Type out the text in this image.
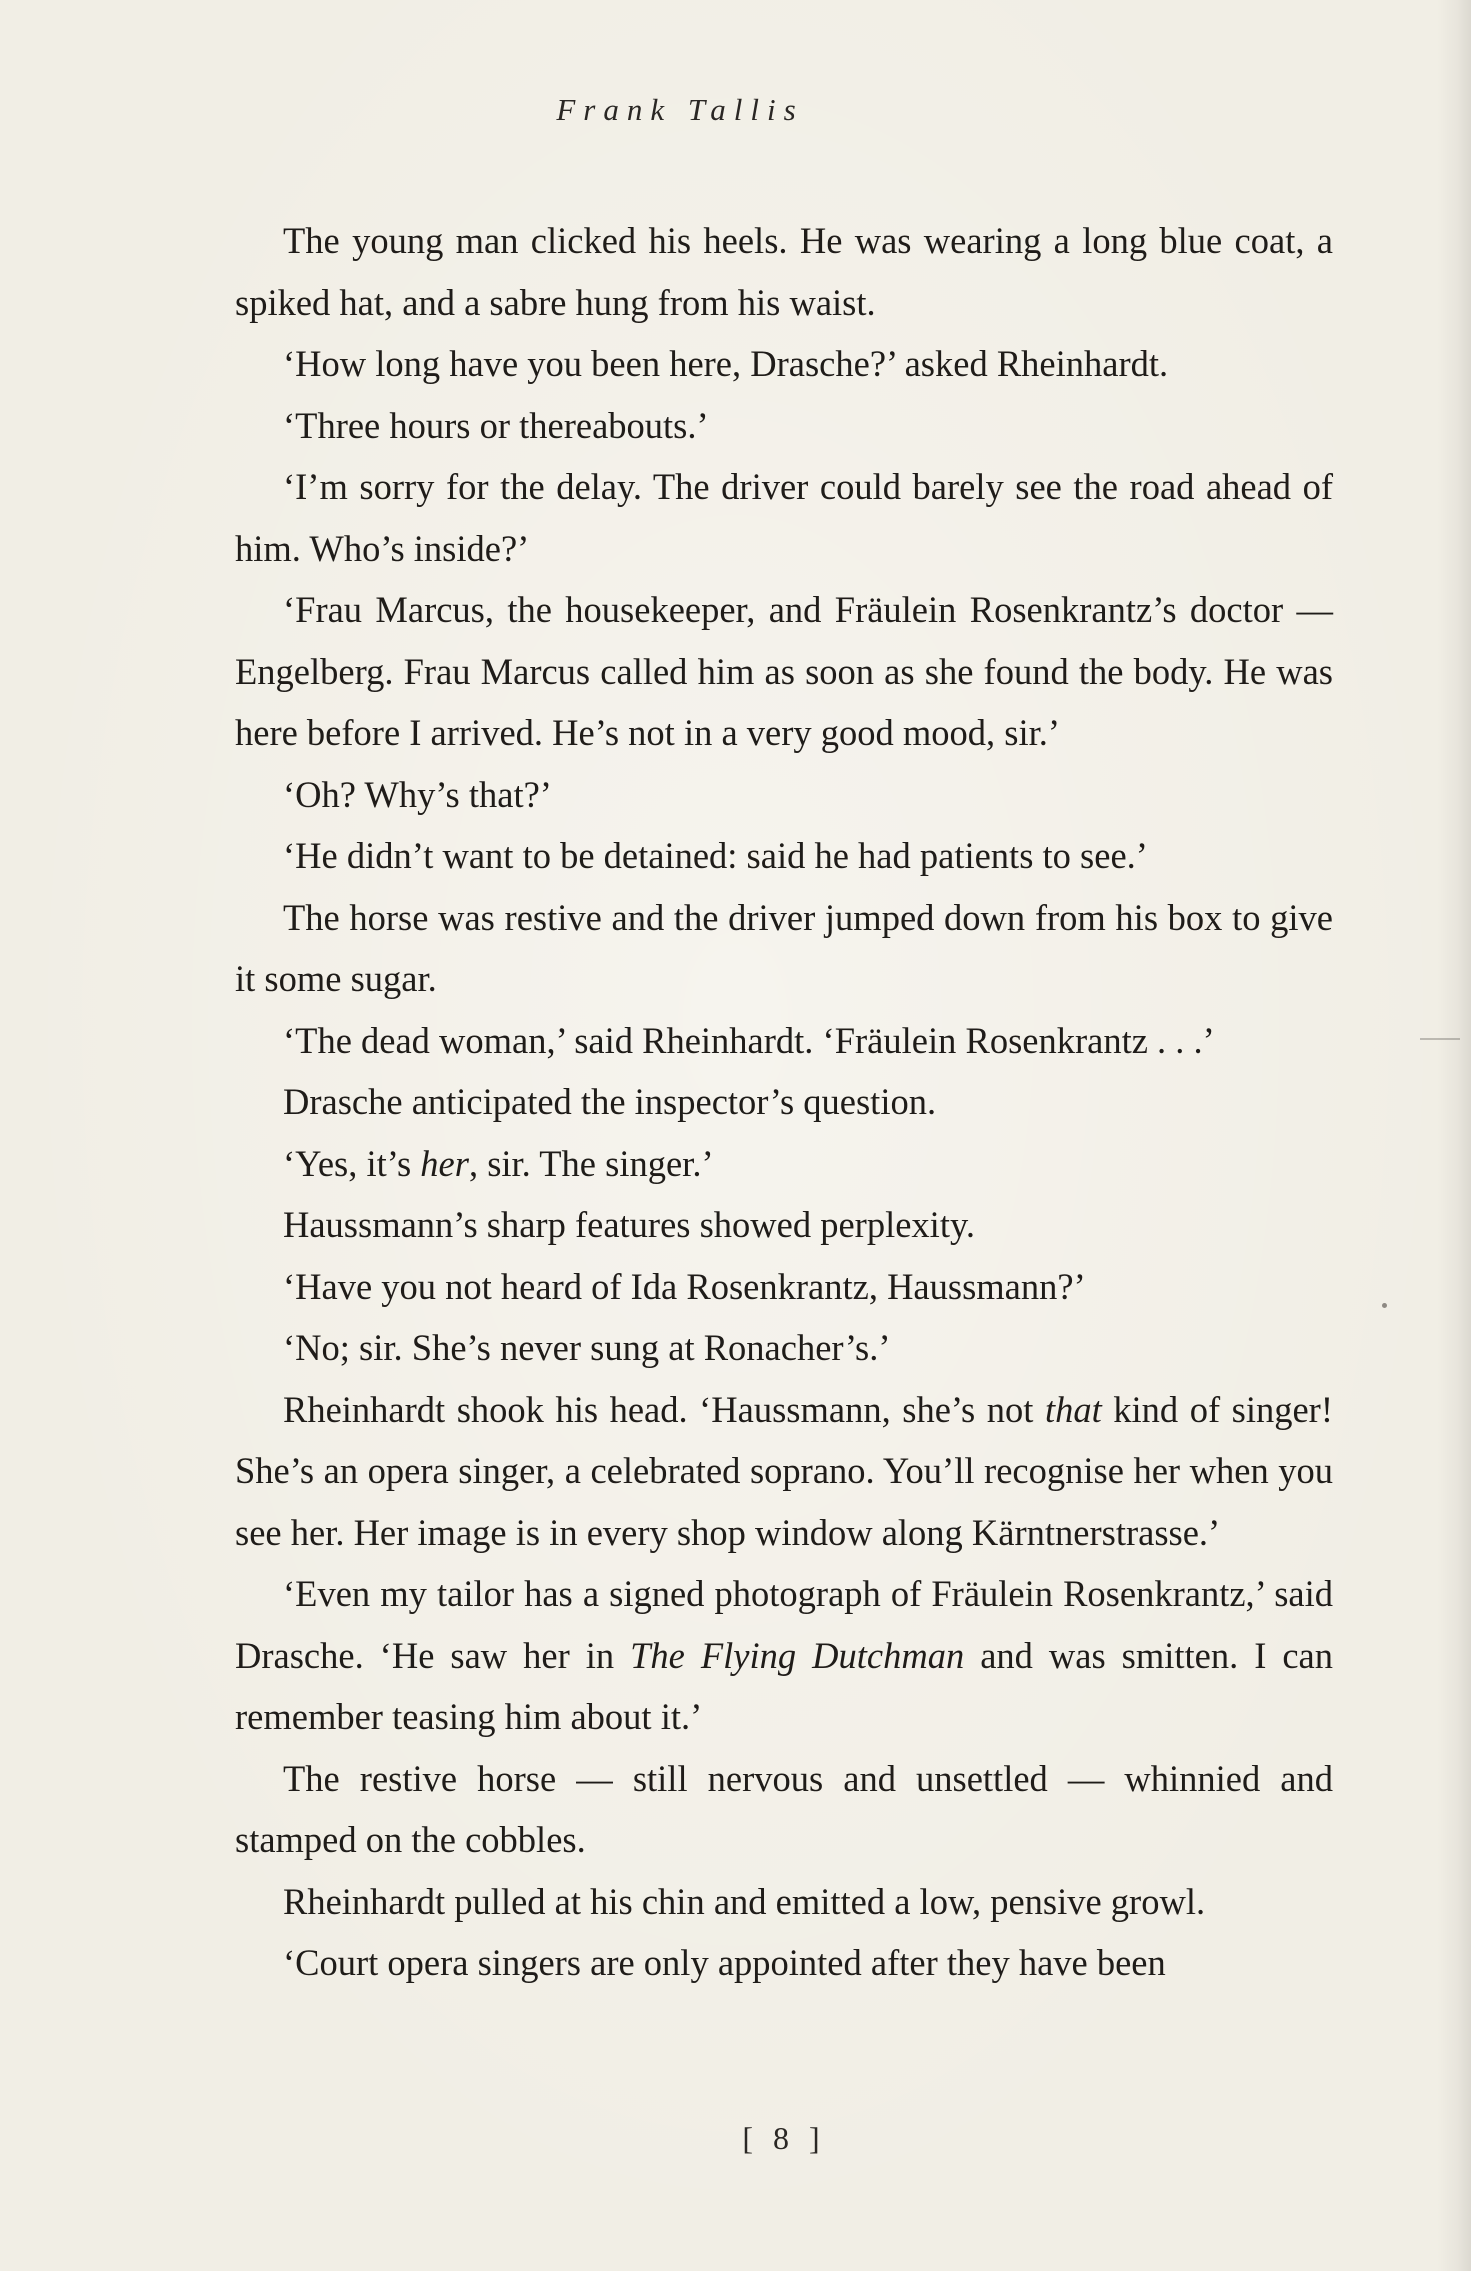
Frank Tallis

The young man clicked his heels. He was wearing a long blue coat, a spiked hat, and a sabre hung from his waist.

‘How long have you been here, Drasche?’ asked Rheinhardt.

‘Three hours or thereabouts.’

‘I’m sorry for the delay. The driver could barely see the road ahead of him. Who’s inside?’

‘Frau Marcus, the housekeeper, and Fräulein Rosenkrantz’s doctor — Engelberg. Frau Marcus called him as soon as she found the body. He was here before I arrived. He’s not in a very good mood, sir.’

‘Oh? Why’s that?’

‘He didn’t want to be detained: said he had patients to see.’

The horse was restive and the driver jumped down from his box to give it some sugar.

‘The dead woman,’ said Rheinhardt. ‘Fräulein Rosenkrantz . . .’

Drasche anticipated the inspector’s question.

‘Yes, it’s her, sir. The singer.’

Haussmann’s sharp features showed perplexity.

‘Have you not heard of Ida Rosenkrantz, Haussmann?’

‘No; sir. She’s never sung at Ronacher’s.’

Rheinhardt shook his head. ‘Haussmann, she’s not that kind of singer! She’s an opera singer, a celebrated soprano. You’ll recognise her when you see her. Her image is in every shop window along Kärntnerstrasse.’

‘Even my tailor has a signed photograph of Fräulein Rosenkrantz,’ said Drasche. ‘He saw her in The Flying Dutchman and was smitten. I can remember teasing him about it.’

The restive horse — still nervous and unsettled — whinnied and stamped on the cobbles.

Rheinhardt pulled at his chin and emitted a low, pensive growl.

‘Court opera singers are only appointed after they have been

[ 8 ]
